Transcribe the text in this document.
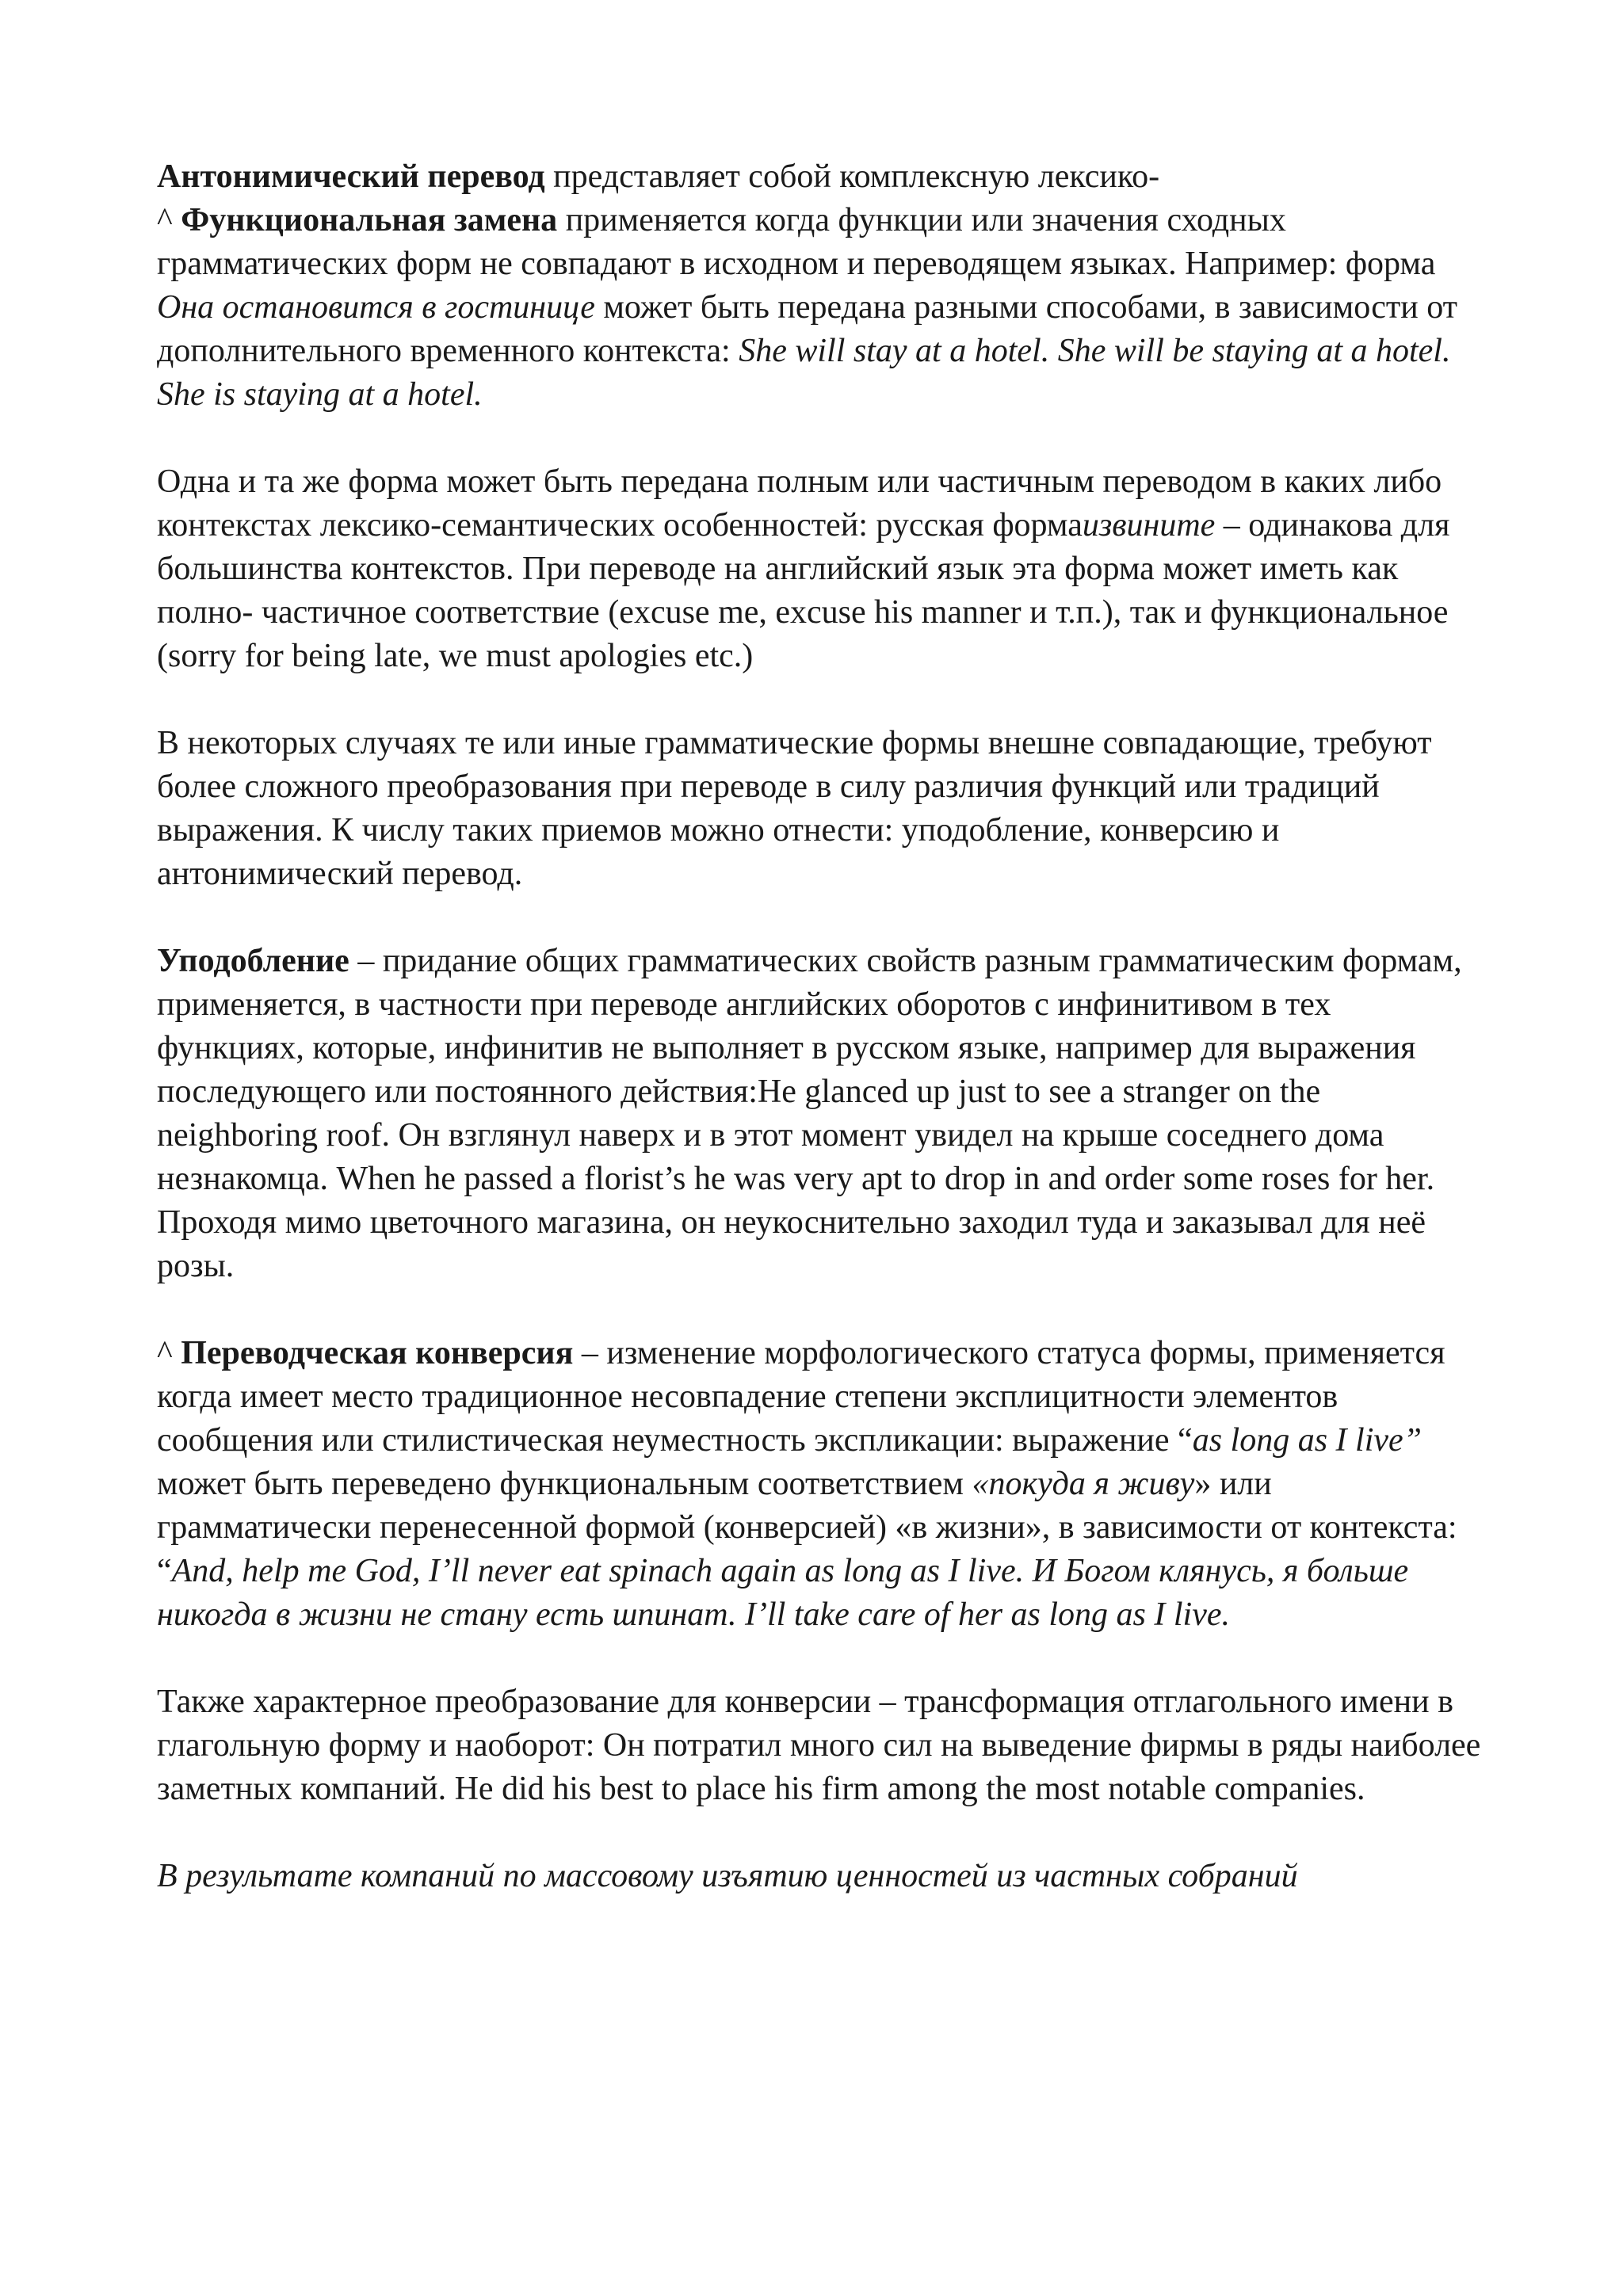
Антонимический перевод представляет собой комплексную лексико-

^ Функциональная замена применяется когда функции или значения сходных грамматических форм не совпадают в исходном и переводящем языках. Например: форма Она остановится в гостинице может быть передана разными способами, в зависимости от дополнительного временного контекста: She will stay at a hotel. She will be staying at a hotel. She is staying at a hotel.

Одна и та же форма может быть передана полным или частичным переводом в каких либо контекстах лексико-семантических особенностей: русская формаизвините – одинакова для большинства контекстов. При переводе на английский язык эта форма может иметь как полно- частичное соответствие (excuse me, excuse his manner и т.п.), так и функциональное (sorry for being late, we must apologies etc.)

В некоторых случаях те или иные грамматические формы внешне совпадающие, требуют более сложного преобразования при переводе в силу различия функций или традиций выражения. К числу таких приемов можно отнести: уподобление, конверсию и антонимический перевод.

Уподобление – придание общих грамматических свойств разным грамматическим формам, применяется, в частности при переводе английских оборотов с инфинитивом в тех функциях, которые, инфинитив не выполняет в русском языке, например для выражения последующего или постоянного действия:He glanced up just to see a stranger on the neighboring roof. Он взглянул наверх и в этот момент увидел на крыше соседнего дома незнакомца. When he passed a florist’s he was very apt to drop in and order some roses for her. Проходя мимо цветочного магазина, он неукоснительно заходил туда и заказывал для неё розы.

^ Переводческая конверсия – изменение морфологического статуса формы, применяется когда имеет место традиционное несовпадение степени эксплицитности элементов сообщения или стилистическая неуместность экспликации: выражение “as long as I live” может быть переведено функциональным соответствием «покуда я живу» или грамматически перенесенной формой (конверсией) «в жизни», в зависимости от контекста: “And, help me God, I’ll never eat spinach again as long as I live. И Богом клянусь, я больше никогда в жизни не стану есть шпинат. I’ll take care of her as long as I live.

Также характерное преобразование для конверсии – трансформация отглагольного имени в глагольную форму и наоборот: Он потратил много сил на выведение фирмы в ряды наиболее заметных компаний. He did his best to place his firm among the most notable companies.

В результате компаний по массовому изъятию ценностей из частных собраний
